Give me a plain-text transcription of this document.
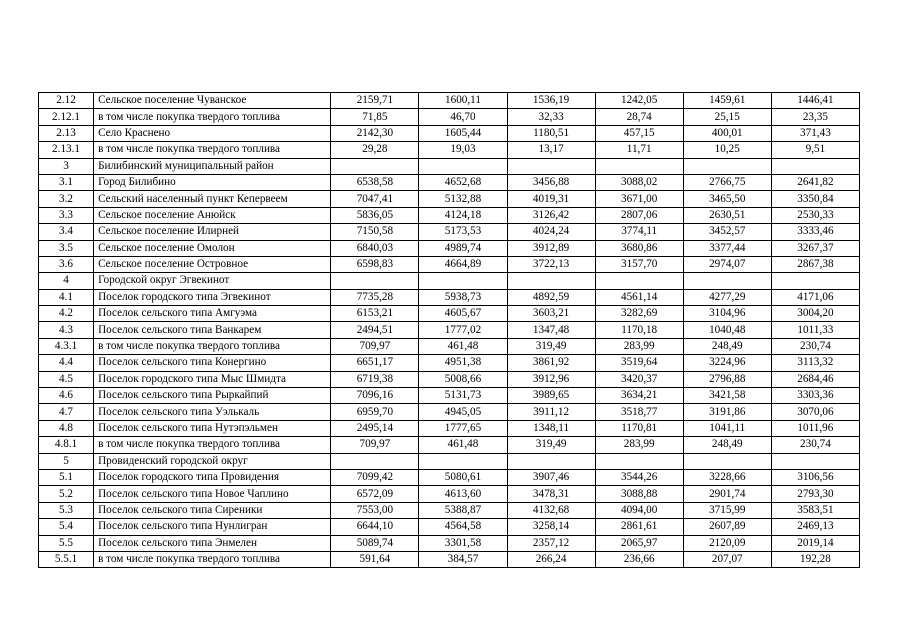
2.12	Сельское поселение Чуванское	2159,71	1600,11	1536,19	1242,05	1459,61	1446,41
2.12.1	в том числе покупка твердого топлива	71,85	46,70	32,33	28,74	25,15	23,35
2.13	Село Краснено	2142,30	1605,44	1180,51	457,15	400,01	371,43
2.13.1	в том числе покупка твердого топлива	29,28	19,03	13,17	11,71	10,25	9,51
3	Билибинский муниципальный район						
3.1	Город Билибино	6538,58	4652,68	3456,88	3088,02	2766,75	2641,82
3.2	Сельский населенный пункт Кепервеем	7047,41	5132,88	4019,31	3671,00	3465,50	3350,84
3.3	Сельское поселение Анюйск	5836,05	4124,18	3126,42	2807,06	2630,51	2530,33
3.4	Сельское поселение Илирней	7150,58	5173,53	4024,24	3774,11	3452,57	3333,46
3.5	Сельское поселение Омолон	6840,03	4989,74	3912,89	3680,86	3377,44	3267,37
3.6	Сельское поселение Островное	6598,83	4664,89	3722,13	3157,70	2974,07	2867,38
4	Городской округ Эгвекинот						
4.1	Поселок городского типа Эгвекинот	7735,28	5938,73	4892,59	4561,14	4277,29	4171,06
4.2	Поселок сельского типа Амгуэма	6153,21	4605,67	3603,21	3282,69	3104,96	3004,20
4.3	Поселок сельского типа Ванкарем	2494,51	1777,02	1347,48	1170,18	1040,48	1011,33
4.3.1	в том числе покупка твердого топлива	709,97	461,48	319,49	283,99	248,49	230,74
4.4	Поселок сельского типа Конергино	6651,17	4951,38	3861,92	3519,64	3224,96	3113,32
4.5	Поселок городского типа Мыс Шмидта	6719,38	5008,66	3912,96	3420,37	2796,88	2684,46
4.6	Поселок сельского типа Рыркайпий	7096,16	5131,73	3989,65	3634,21	3421,58	3303,36
4.7	Поселок сельского типа Уэлькаль	6959,70	4945,05	3911,12	3518,77	3191,86	3070,06
4.8	Поселок сельского типа Нутэпэльмен	2495,14	1777,65	1348,11	1170,81	1041,11	1011,96
4.8.1	в том числе покупка твердого топлива	709,97	461,48	319,49	283,99	248,49	230,74
5	Провиденский городской округ						
5.1	Поселок городского типа Провидения	7099,42	5080,61	3907,46	3544,26	3228,66	3106,56
5.2	Поселок сельского типа Новое Чаплино	6572,09	4613,60	3478,31	3088,88	2901,74	2793,30
5.3	Поселок сельского типа Сиреники	7553,00	5388,87	4132,68	4094,00	3715,99	3583,51
5.4	Поселок сельского типа Нунлигран	6644,10	4564,58	3258,14	2861,61	2607,89	2469,13
5.5	Поселок сельского типа Энмелен	5089,74	3301,58	2357,12	2065,97	2120,09	2019,14
5.5.1	в том числе покупка твердого топлива	591,64	384,57	266,24	236,66	207,07	192,28
